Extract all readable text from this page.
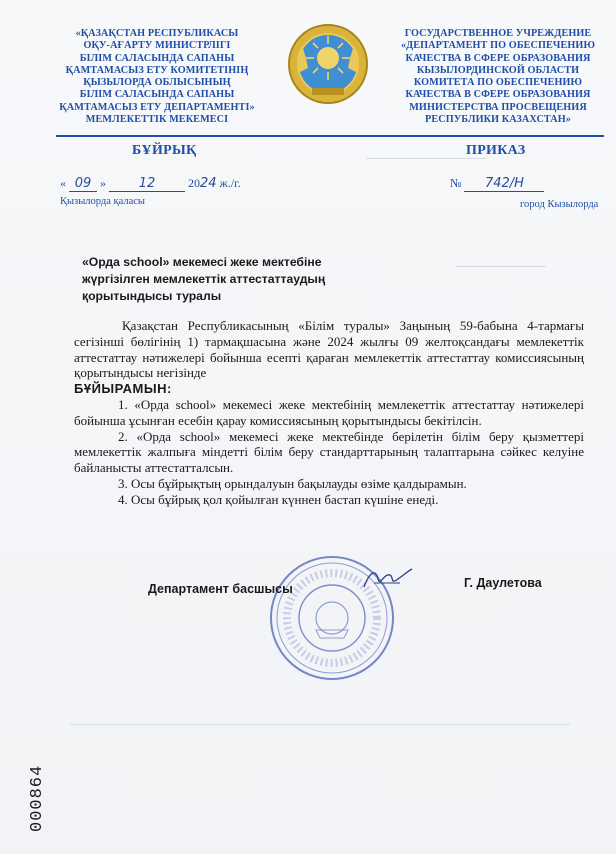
«ҚАЗАҚСТАН РЕСПУБЛИКАСЫ
ОҚУ-АҒАРТУ МИНИСТРЛІГІ
БІЛІМ САЛАСЫНДА САПАНЫ
ҚАМТАМАСЫЗ ЕТУ КОМИТЕТІНІҢ
ҚЫЗЫЛОРДА ОБЛЫСЫНЫҢ
БІЛІМ САЛАСЫНДА САПАНЫ
ҚАМТАМАСЫЗ ЕТУ ДЕПАРТАМЕНТІ»
МЕМЛЕКЕТТІК МЕКЕМЕСІ
ГОСУДАРСТВЕННОЕ УЧРЕЖДЕНИЕ
«ДЕПАРТАМЕНТ ПО ОБЕСПЕЧЕНИЮ
КАЧЕСТВА В СФЕРЕ ОБРАЗОВАНИЯ
КЫЗЫЛОРДИНСКОЙ ОБЛАСТИ
КОМИТЕТА ПО ОБЕСПЕЧЕНИЮ
КАЧЕСТВА В СФЕРЕ ОБРАЗОВАНИЯ
МИНИСТЕРСТВА ПРОСВЕЩЕНИЯ
РЕСПУБЛИКИ КАЗАХСТАН»
БҰЙРЫҚ	ПРИКАЗ
« 09 »	12	2024 ж./г.
Қызылорда қаласы
№ 742/Н
город Кызылорда
«Орда school» мекемесі жеке мектебіне
жүргізілген мемлекеттік аттестаттаудың
қорытындысы туралы

Қазақстан Республикасының «Білім туралы» Заңының 59-бабына 4-тармағы сегізінші бөлігінің 1) тармақшасына және 2024 жылғы 09 желтоқсандағы мемлекеттік аттестаттау нәтижелері бойынша есепті қараған мемлекеттік аттестаттау комиссиясының қорытындысы негізінде

БҰЙЫРАМЫН:

1. «Орда school» мекемесі жеке мектебінің мемлекеттік аттестаттау нәтижелері бойынша ұсынған есебін қарау комиссиясының қорытындысы бекітілсін.

2. «Орда school» мекемесі жеке мектебінде берілетін білім беру қызметтері мемлекеттік жалпыға міндетті білім беру стандарттарының талаптарына сәйкес келуіне байланысты аттестатталсын.

3. Осы бұйрықтың орындалуын бақылауды өзіме қалдырамын.

4. Осы бұйрық қол қойылған күннен бастап күшіне енеді.

Департамент басшысы	Г. Даулетова
000864
